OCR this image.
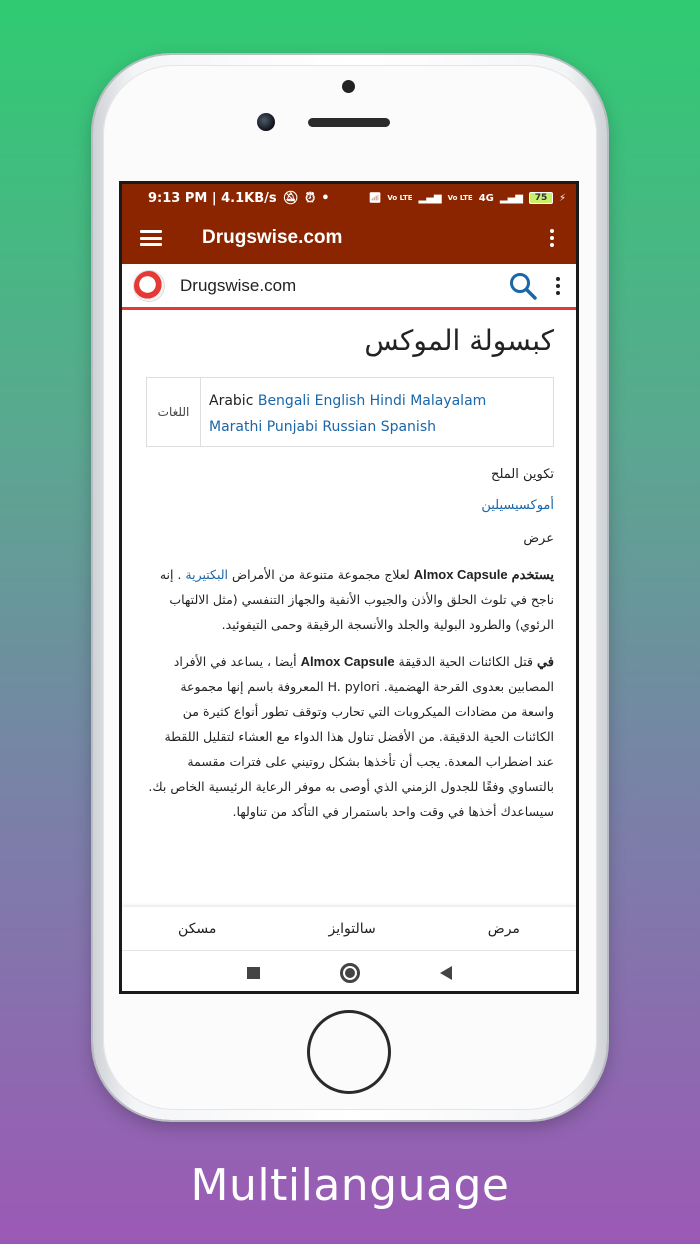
9:13 PM | 4.1KB/s 🔕︎ ⏰︎ •	📶︎ Vo LTE ▂▄▆ Vo LTE 4G ▂▄▆	75	⚡︎
Drugswise.com
Drugswise.com
كبسولة الموكس
اللغات
Arabic Bengali English Hindi Malayalam
Marathi Punjabi Russian Spanish
تكوين الملح
أموكسيسيلين
عرض

يستخدم Almox Capsule لعلاج مجموعة متنوعة من الأمراض البكتيرية . إنه ناجح في تلوث الحلق والأذن والجيوب الأنفية والجهاز التنفسي (مثل الالتهاب الرئوي) والطرود البولية والجلد والأنسجة الرقيقة وحمى التيفوئيد.

في قتل الكائنات الحية الدقيقة Almox Capsule أيضا ، يساعد في الأفراد المصابين بعدوى القرحة الهضمية. H. pylori المعروفة باسم إنها مجموعة واسعة من مضادات الميكروبات التي تحارب وتوقف تطور أنواع كثيرة من الكائنات الحية الدقيقة. من الأفضل تناول هذا الدواء مع العشاء لتقليل اللقطة عند اضطراب المعدة. يجب أن تأخذها بشكل روتيني على فترات مقسمة بالتساوي وفقًا للجدول الزمني الذي أوصى به موفر الرعاية الرئيسية الخاص بك. سيساعدك أخذها في وقت واحد باستمرار في التأكد من تناولها.

مسكن	سالتوايز	مرض
Multilanguage
